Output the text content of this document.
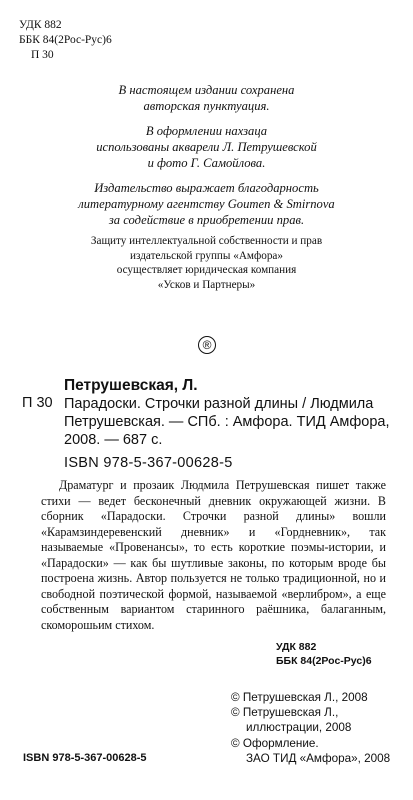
УДК 882
ББК 84(2Рос-Рус)6
П 30
В настоящем издании сохранена
авторская пунктуация.
В оформлении нахзаца
использованы акварели Л. Петрушевской
и фото Г. Самойлова.
Издательство выражает благодарность
литературному агентству Goumen & Smirnova
за содействие в приобретении прав.
Защиту интеллектуальной собственности и прав
издательской группы «Амфора»
осуществляет юридическая компания
«Усков и Партнеры»
®
Петрушевская, Л.
П 30 Парадоски. Строчки разной длины / Людмила Петрушевская. — СПб. : Амфора. ТИД Амфора, 2008. — 687 с.
ISBN 978-5-367-00628-5
Драматург и прозаик Людмила Петрушевская пишет также стихи — ведет бесконечный дневник окружающей жизни. В сборник «Парадоски. Строчки разной длины» вошли «Карамзиндеревенский дневник» и «Гордневник», так называемые «Провенансы», то есть короткие поэмы-истории, и «Парадоски» — как бы шутливые законы, по которым вроде бы построена жизнь. Автор пользуется не только традиционной, но и свободной поэтической формой, называемой «верлибром», а еще собственным вариантом старинного раёшника, балаганным, скоморошьим стихом.
УДК 882
ББК 84(2Рос-Рус)6
© Петрушевская Л., 2008
© Петрушевская Л.,
иллюстрации, 2008
© Оформление.
ЗАО ТИД «Амфора», 2008
ISBN 978-5-367-00628-5
